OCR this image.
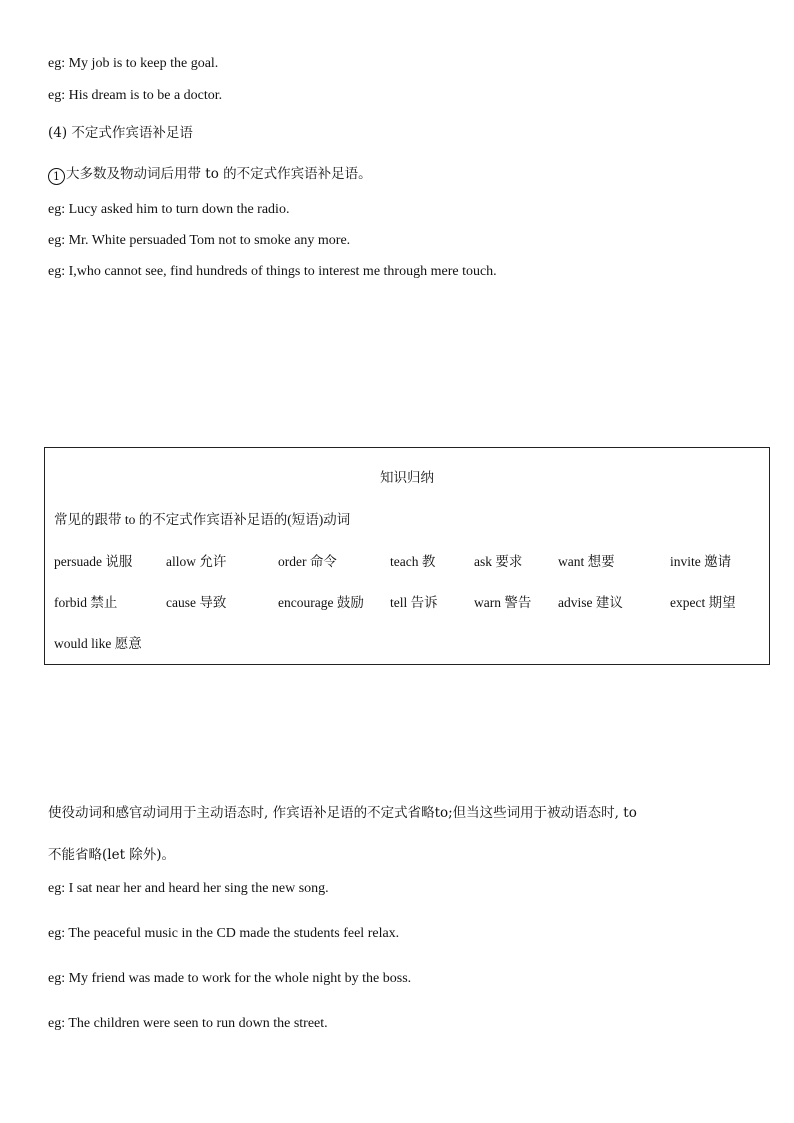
eg: My job is to keep the goal.
eg: His dream is to be a doctor.
(4) 不定式作宾语补足语
1 大多数及物动词后用带 to 的不定式作宾语补足语。
eg: Lucy asked him to turn down the radio.
eg: Mr. White persuaded Tom not to smoke any more.
eg: I,who cannot see, find hundreds of things to interest me through mere touch.
知识归纳
常见的跟带 to 的不定式作宾语补足语的(短语)动词
persuade 说服 allow 允许	order 命令	teach 教	ask 要求	want 想要	invite 邀请
forbid 禁止	cause 导致	encourage 鼓励 tell 告诉	warn 警告 advise 建议	expect 期望
would like 愿意
使役动词和感官动词用于主动语态时, 作宾语补足语的不定式省略to;但当这些词用于被动语态时, to
不能省略(let 除外)。
eg: I sat near her and heard her sing the new song.
eg: The peaceful music in the CD made the students feel relax.
eg: My friend was made to work for the whole night by the boss.
eg: The children were seen to run down the street.
